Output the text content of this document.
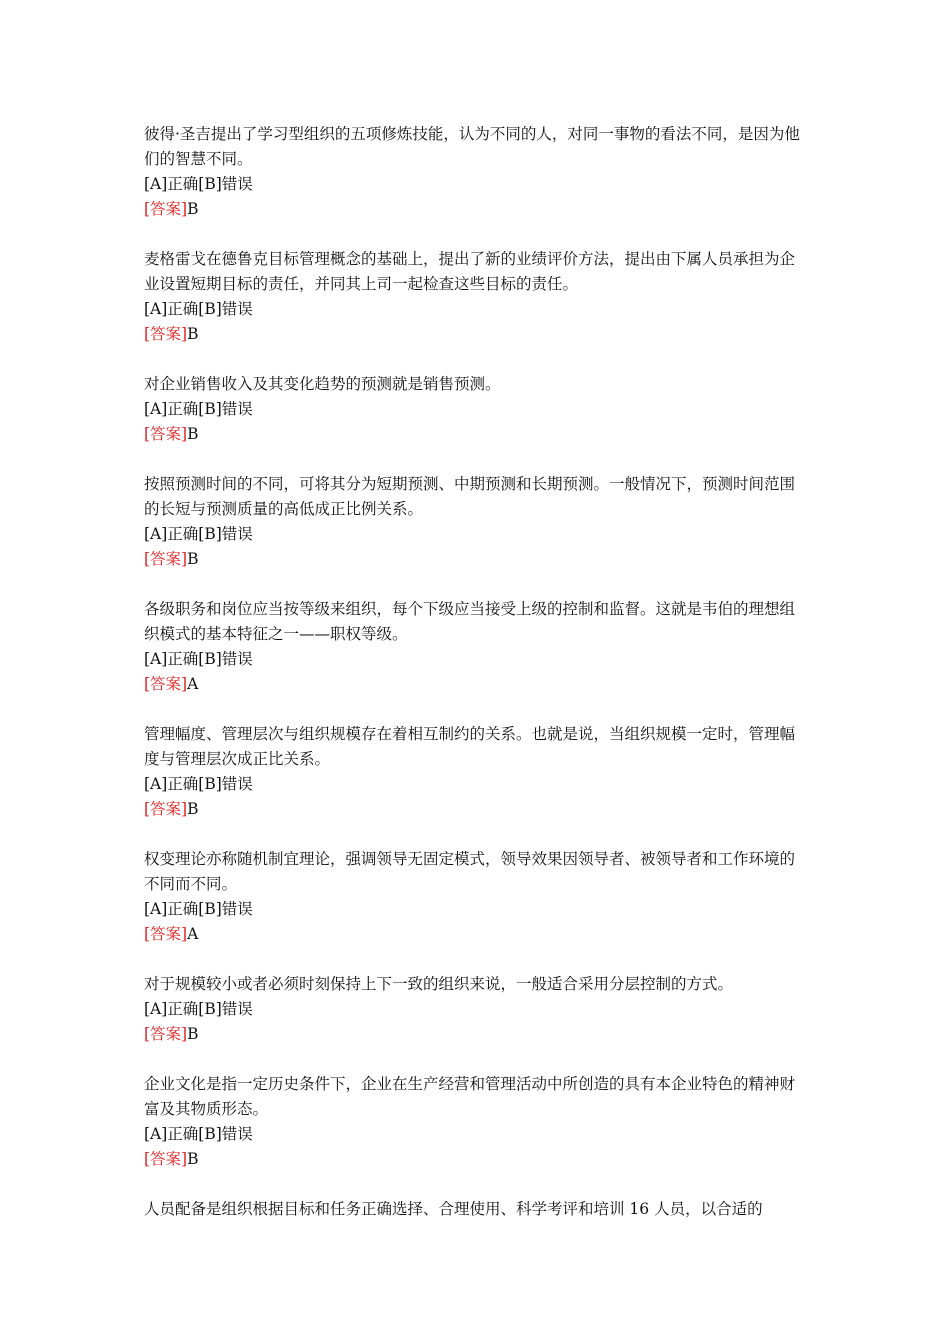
彼得·圣吉提出了学习型组织的五项修炼技能，认为不同的人，对同一事物的看法不同，是因为他们的智慧不同。

[A]正确[B]错误

[答案]B

麦格雷戈在德鲁克目标管理概念的基础上，提出了新的业绩评价方法，提出由下属人员承担为企业设置短期目标的责任，并同其上司一起检查这些目标的责任。

[A]正确[B]错误

[答案]B

对企业销售收入及其变化趋势的预测就是销售预测。

[A]正确[B]错误

[答案]B

按照预测时间的不同，可将其分为短期预测、中期预测和长期预测。一般情况下，预测时间范围的长短与预测质量的高低成正比例关系。

[A]正确[B]错误

[答案]B

各级职务和岗位应当按等级来组织，每个下级应当接受上级的控制和监督。这就是韦伯的理想组织模式的基本特征之一——职权等级。

[A]正确[B]错误

[答案]A

管理幅度、管理层次与组织规模存在着相互制约的关系。也就是说，当组织规模一定时，管理幅度与管理层次成正比关系。

[A]正确[B]错误

[答案]B

权变理论亦称随机制宜理论，强调领导无固定模式，领导效果因领导者、被领导者和工作环境的不同而不同。

[A]正确[B]错误

[答案]A

对于规模较小或者必须时刻保持上下一致的组织来说，一般适合采用分层控制的方式。

[A]正确[B]错误

[答案]B

企业文化是指一定历史条件下，企业在生产经营和管理活动中所创造的具有本企业特色的精神财富及其物质形态。

[A]正确[B]错误

[答案]B

人员配备是组织根据目标和任务正确选择、合理使用、科学考评和培训 16 人员，以合适的
